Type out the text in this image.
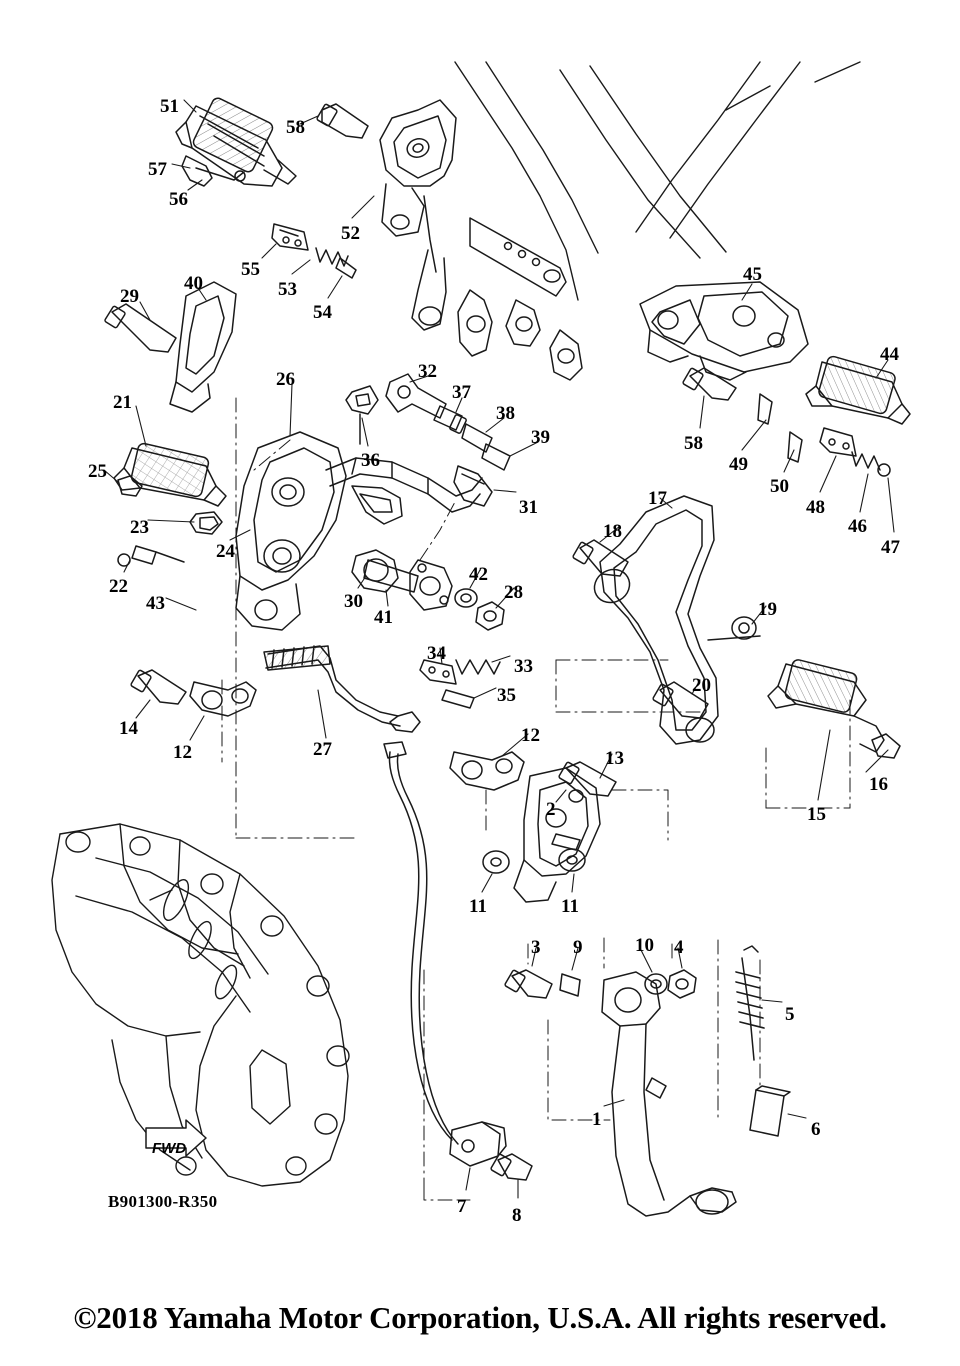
FWD
B901300-R350
©2018 Yamaha Motor Corporation, U.S.A. All rights reserved.
51
58
57
56
52
55
53
54
45
44
29
40
26	32
37
38
39
36
21
25
23
24
22
43
31
58
49
50
48
46
47
17
18
19
30
41
42
28
34
33
35	20
14
12	27
12
13
16
15
2
11	11
3 9	10 4
5
1	6
7 8
